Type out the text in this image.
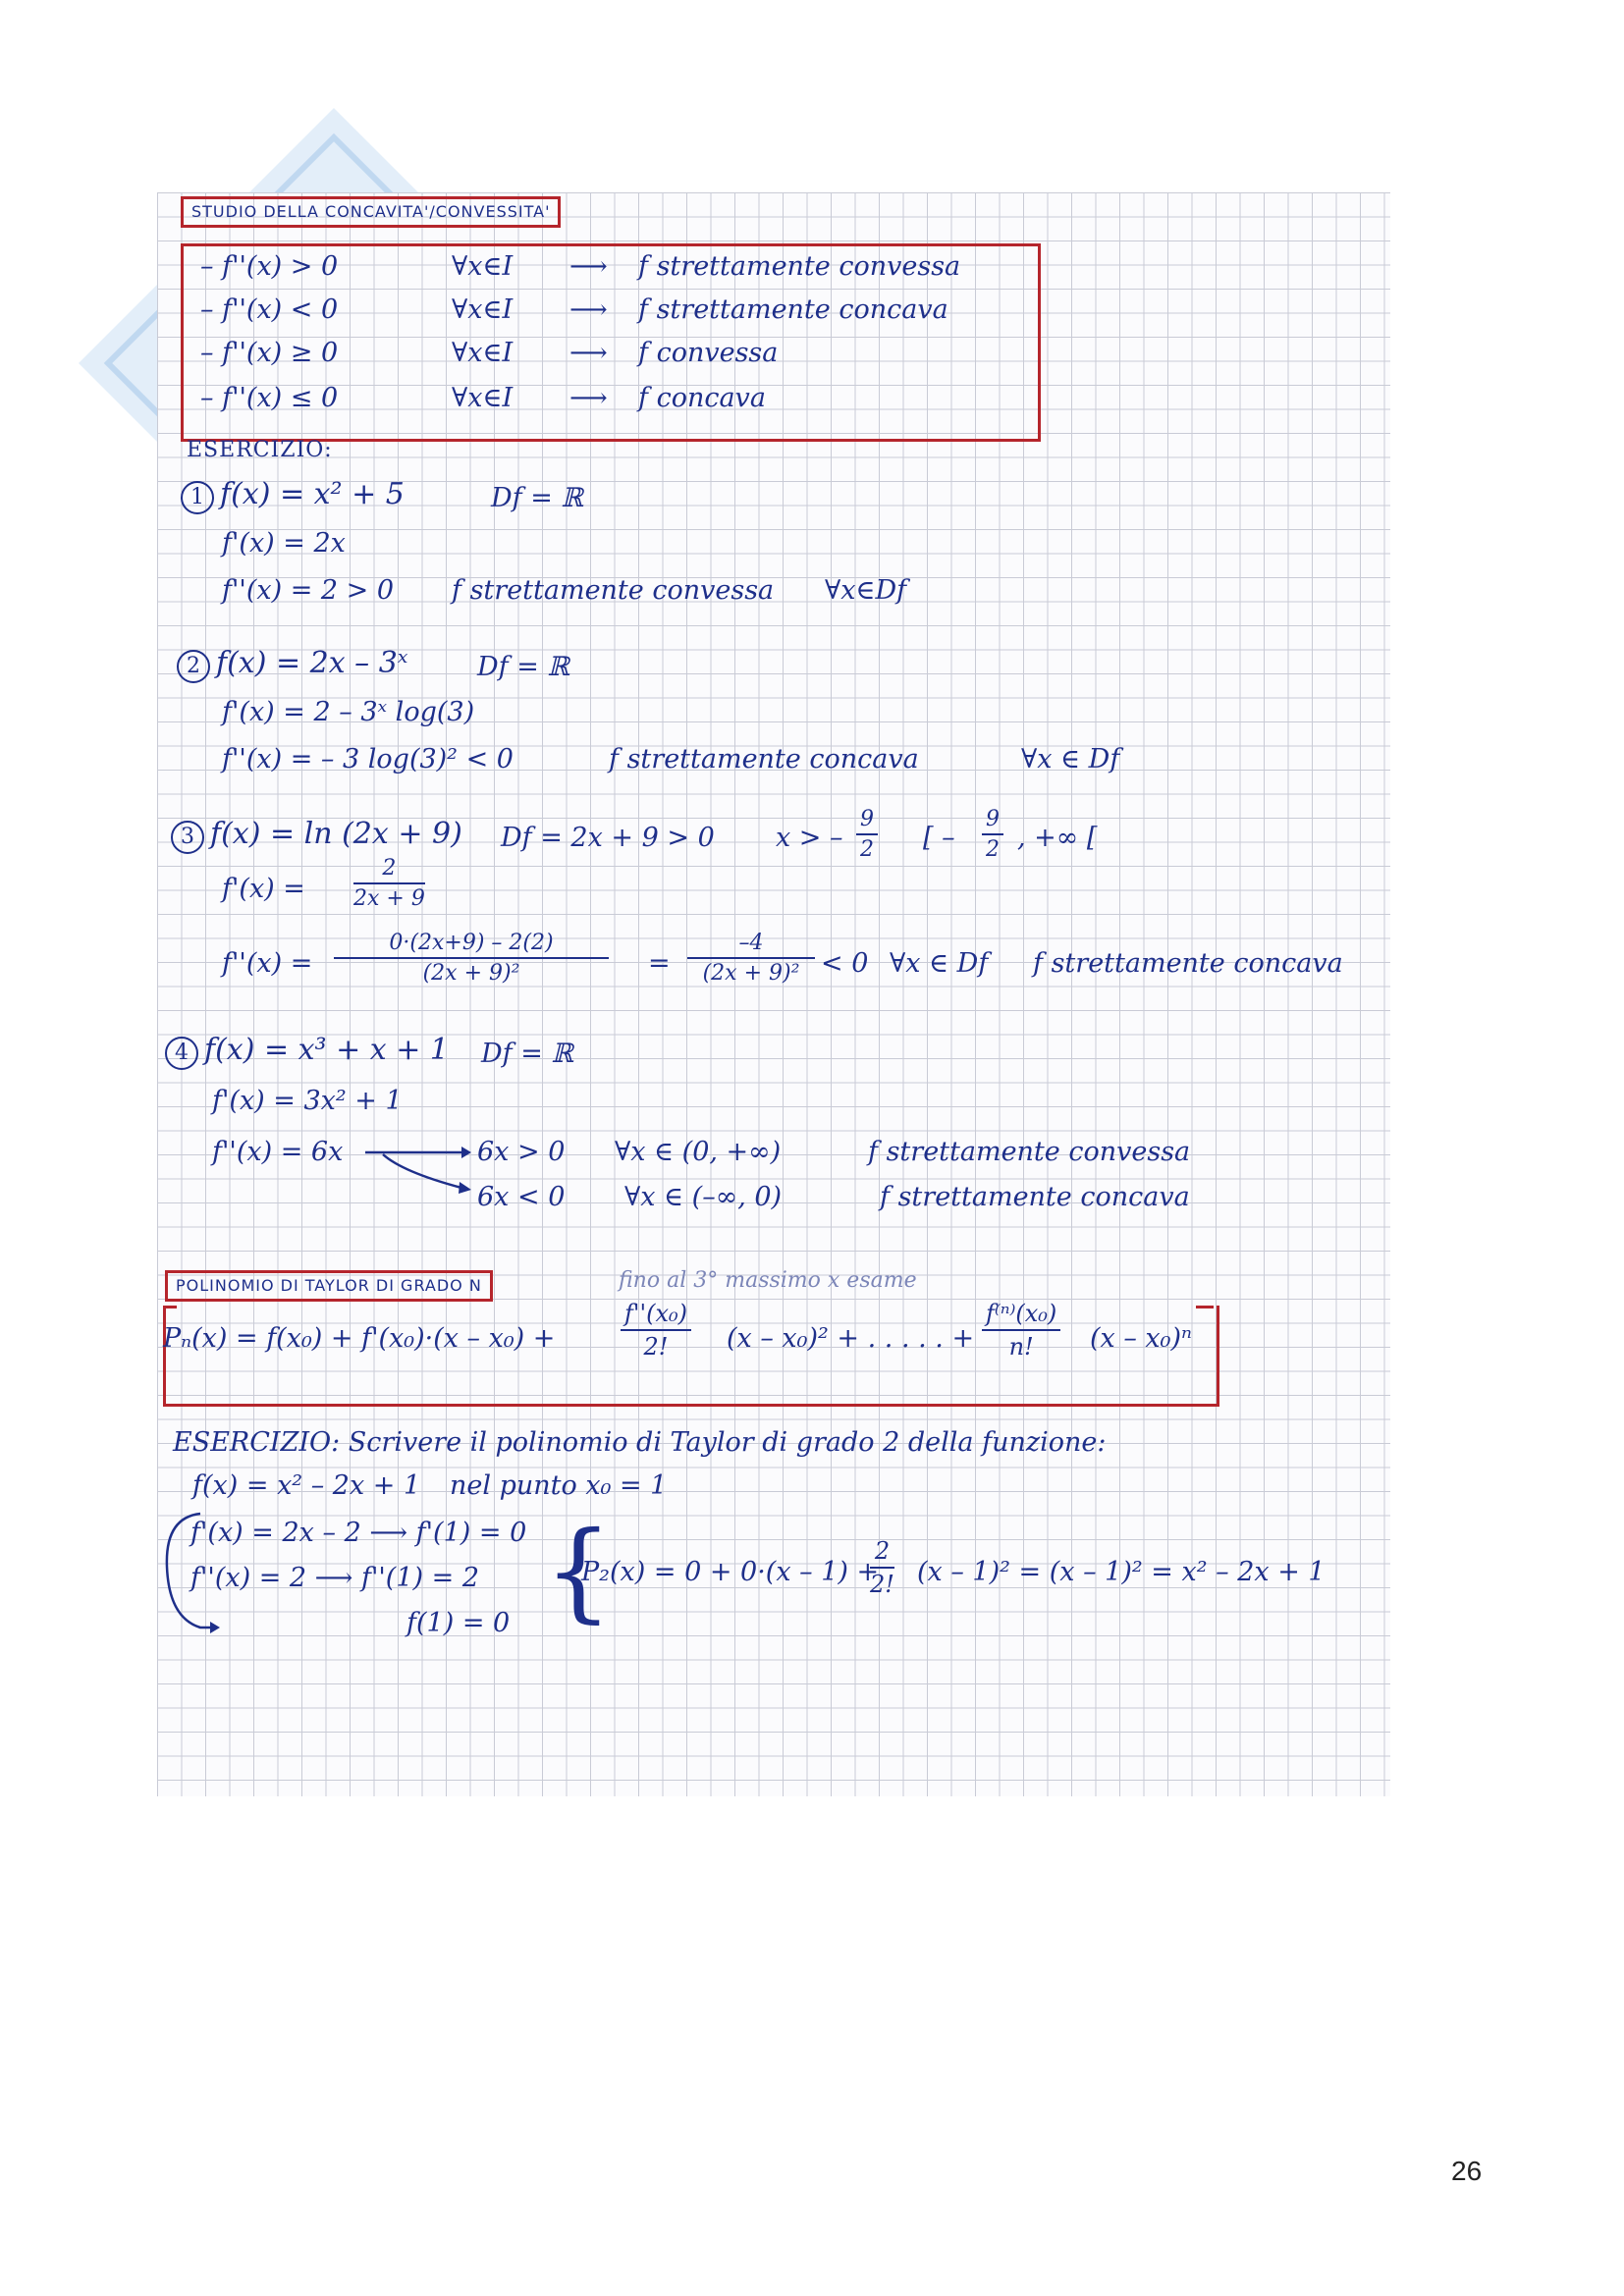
STUDIO DELLA CONCAVITA'/CONVESSITA'
– f''(x) > 0	∀x∈I ⟶ f strettamente convessa
– f''(x) < 0	∀x∈I ⟶ f strettamente concava
– f''(x) ≥ 0	∀x∈I ⟶ f convessa
– f''(x) ≤ 0	∀x∈I ⟶ f concava
ESERCIZIO:
1 f(x) = x² + 5	Df = ℝ
f'(x) = 2x
f''(x) = 2 > 0 f strettamente convessa ∀x∈Df
2 f(x) = 2x – 3ˣ	Df = ℝ
f'(x) = 2 – 3ˣ log(3)
f''(x) = – 3 log(3)² < 0	f strettamente concava	∀x ∈ Df
3 f(x) = ln (2x + 9) Df = 2x + 9 > 0 x > – $\frac{9}{2}$ [ – $\frac{9}{2}$ , +∞ [
$f'(x) = \frac{2}{2x + 9}$
$f''(x) = \frac{0\cdot(2x+9) - 2(2)}{\text{(2x + 9)²}} = \frac{-4}{\text{(2x + 9)²}} < 0$ ∀x ∈ Df f strettamente concava
4 f(x) = x³ + x + 1 Df = ℝ
f'(x) = 3x² + 1
f''(x) = 6x	6x > 0 ∀x ∈ (0, +∞)	f strettamente convessa
6x < 0 ∀x ∈ (–∞, 0)	f strettamente concava
POLINOMIO DI TAYLOR DI GRADO N	fino al 3° massimo x esame
Pₙ(x) = f(x₀) + f'(x₀)·(x – x₀) +	$\frac{\text{f''(x₀)}}{2!} (x - x_0)^2$ + . . . . . + $\frac{\text{f⁽ⁿ⁾(x₀)}}{n!} (x - x_0)^n$
ESERCIZIO: Scrivere il polinomio di Taylor di grado 2 della funzione:
f(x) = x² – 2x + 1 nel punto x₀ = 1
f'(x) = 2x – 2 ⟶ f'(1) = 0
f''(x) = 2 ⟶ f''(1) = 2
f(1) = 0 {
P₂(x) = 0 + 0·(x – 1) +
$\frac{2}{2!} (x - 1)^2 = (x - 1)^2 = x^2 - 2x + 1$
26
